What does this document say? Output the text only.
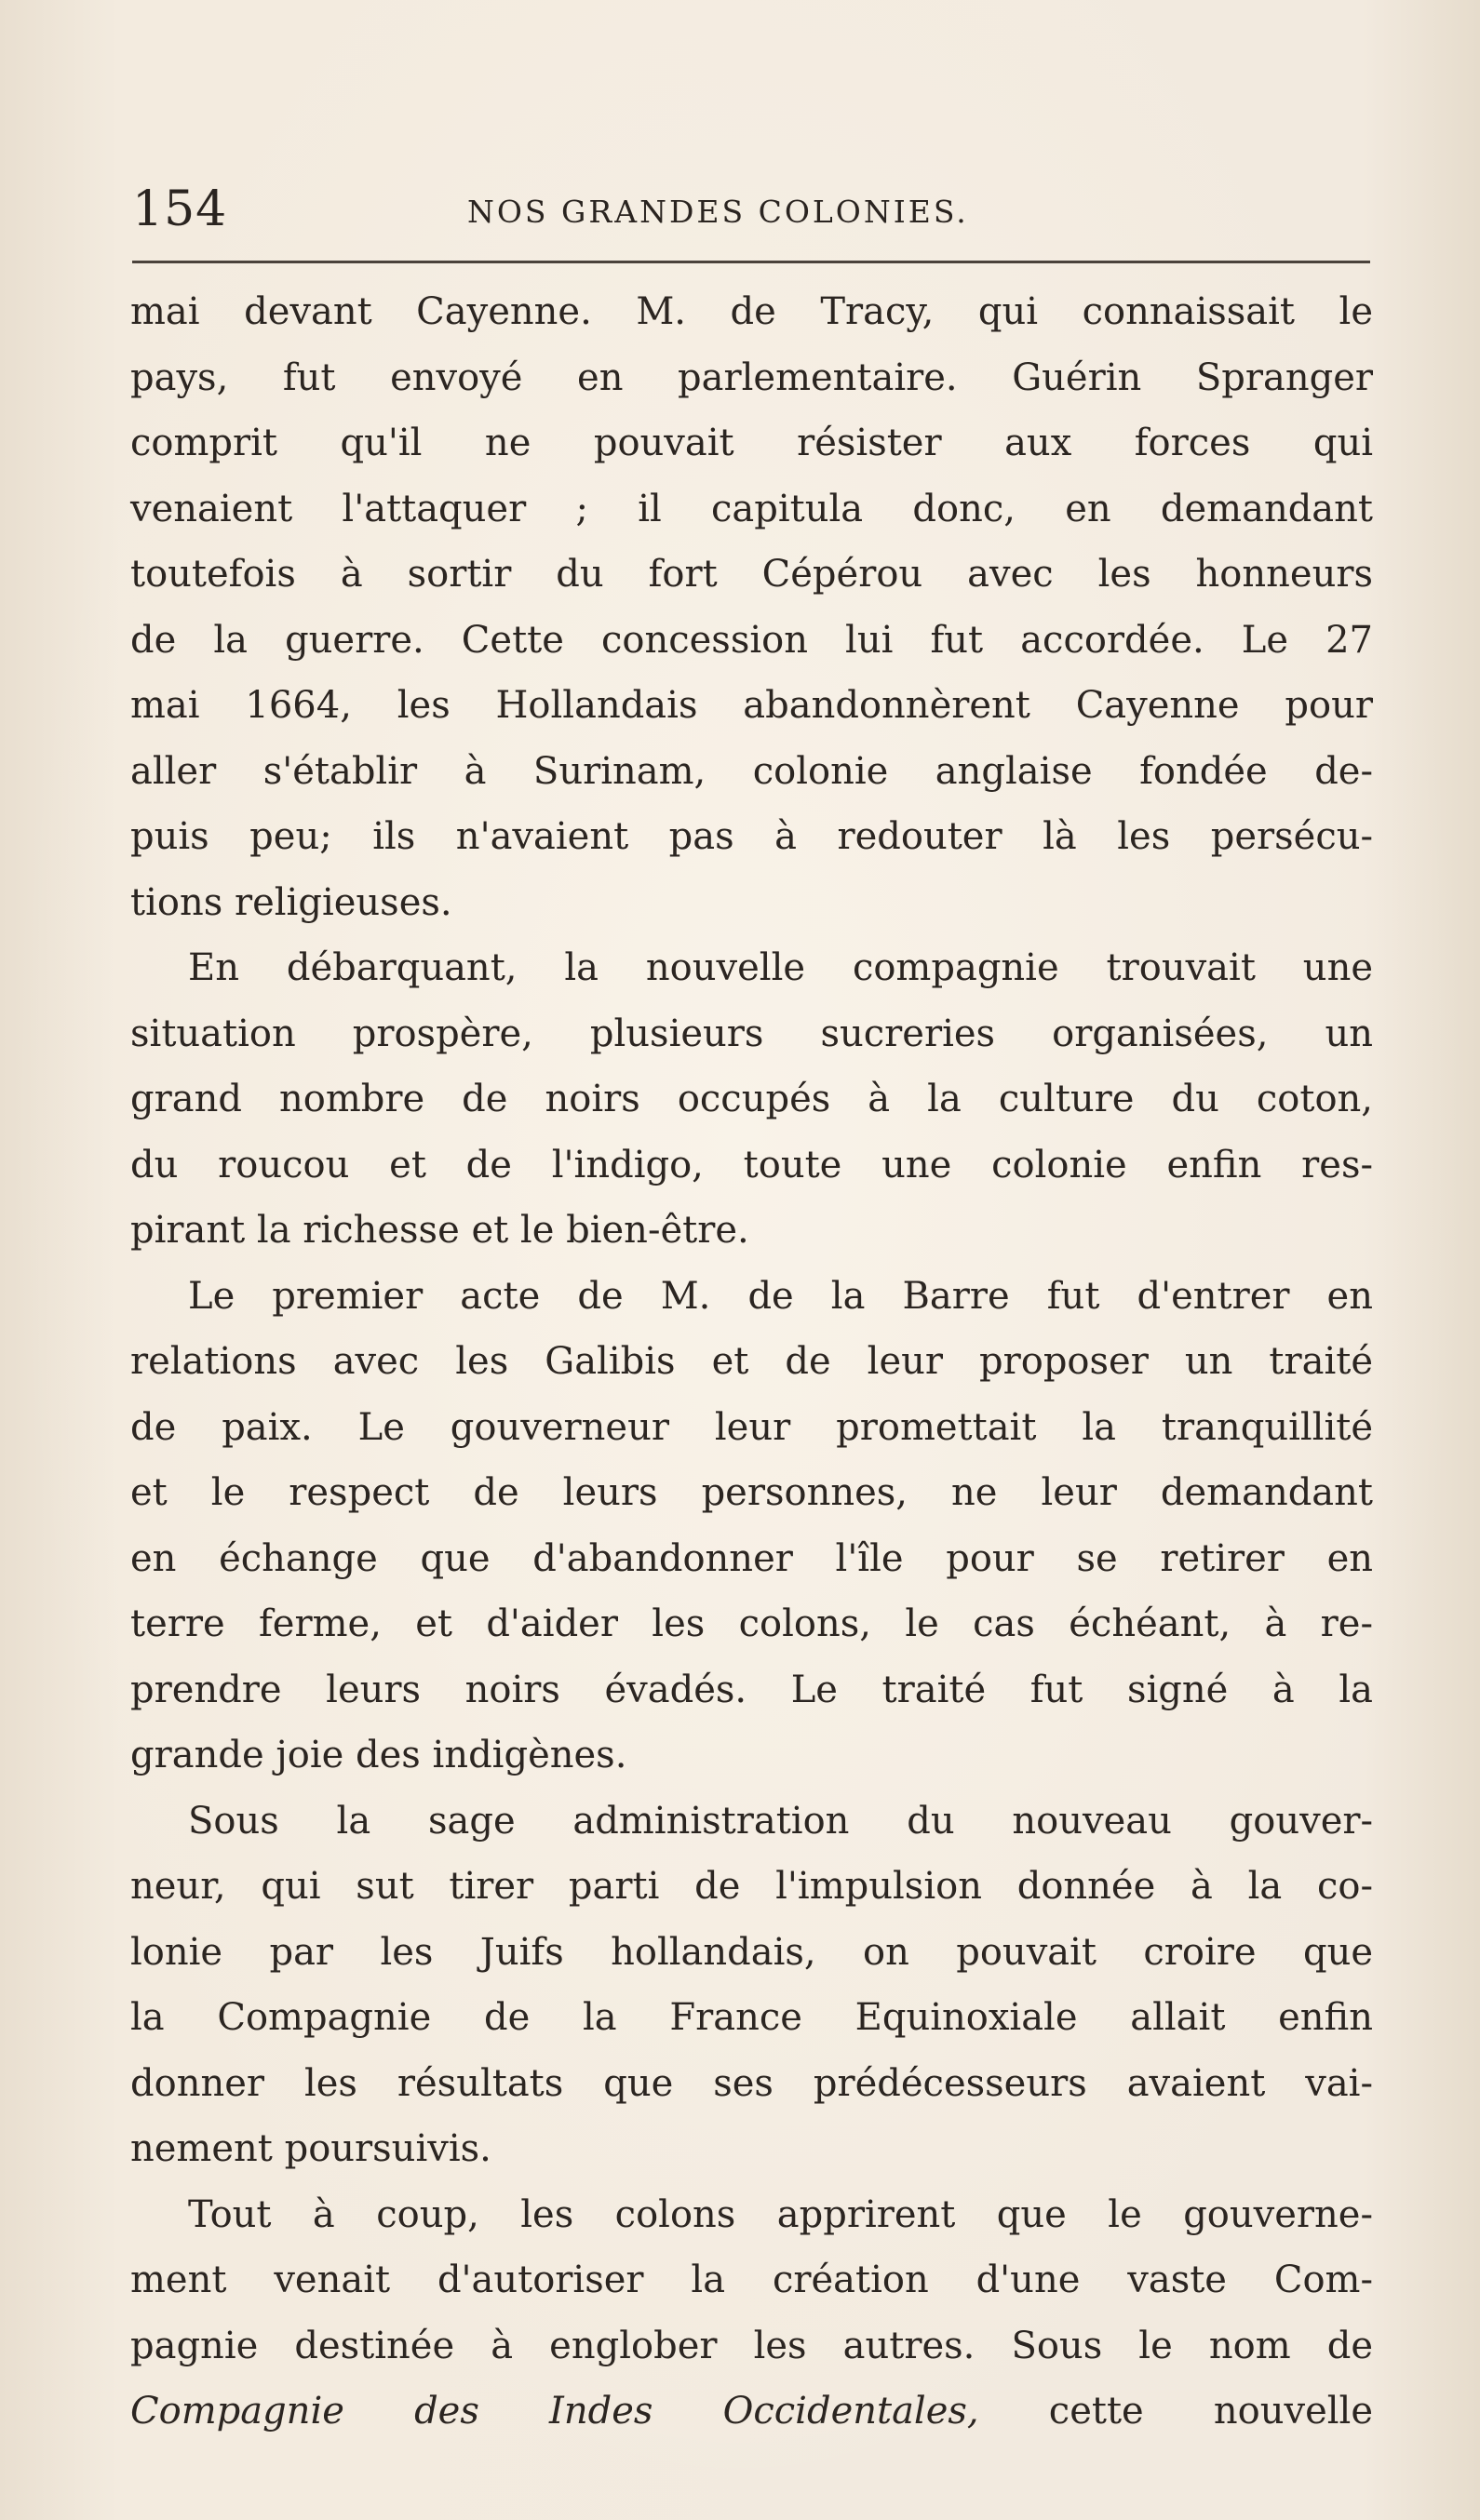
154	NOS GRANDES COLONIES.
mai devant Cayenne. M. de Tracy, qui connaissait le
pays, fut envoyé en parlementaire. Guérin Spranger
comprit qu'il ne pouvait résister aux forces qui
venaient l'attaquer ; il capitula donc, en demandant
toutefois à sortir du fort Cépérou avec les honneurs
de la guerre. Cette concession lui fut accordée. Le 27
mai 1664, les Hollandais abandonnèrent Cayenne pour
aller s'établir à Surinam, colonie anglaise fondée de-
puis peu; ils n'avaient pas à redouter là les persécu-
tions religieuses.
En débarquant, la nouvelle compagnie trouvait une
situation prospère, plusieurs sucreries organisées, un
grand nombre de noirs occupés à la culture du coton,
du roucou et de l'indigo, toute une colonie enfin res-
pirant la richesse et le bien-être.
Le premier acte de M. de la Barre fut d'entrer en
relations avec les Galibis et de leur proposer un traité
de paix. Le gouverneur leur promettait la tranquillité
et le respect de leurs personnes, ne leur demandant
en échange que d'abandonner l'île pour se retirer en
terre ferme, et d'aider les colons, le cas échéant, à re-
prendre leurs noirs évadés. Le traité fut signé à la
grande joie des indigènes.
Sous la sage administration du nouveau gouver-
neur, qui sut tirer parti de l'impulsion donnée à la co-
lonie par les Juifs hollandais, on pouvait croire que
la Compagnie de la France Equinoxiale allait enfin
donner les résultats que ses prédécesseurs avaient vai-
nement poursuivis.
Tout à coup, les colons apprirent que le gouverne-
ment venait d'autoriser la création d'une vaste Com-
pagnie destinée à englober les autres. Sous le nom de
Compagnie des Indes Occidentales, cette nouvelle
